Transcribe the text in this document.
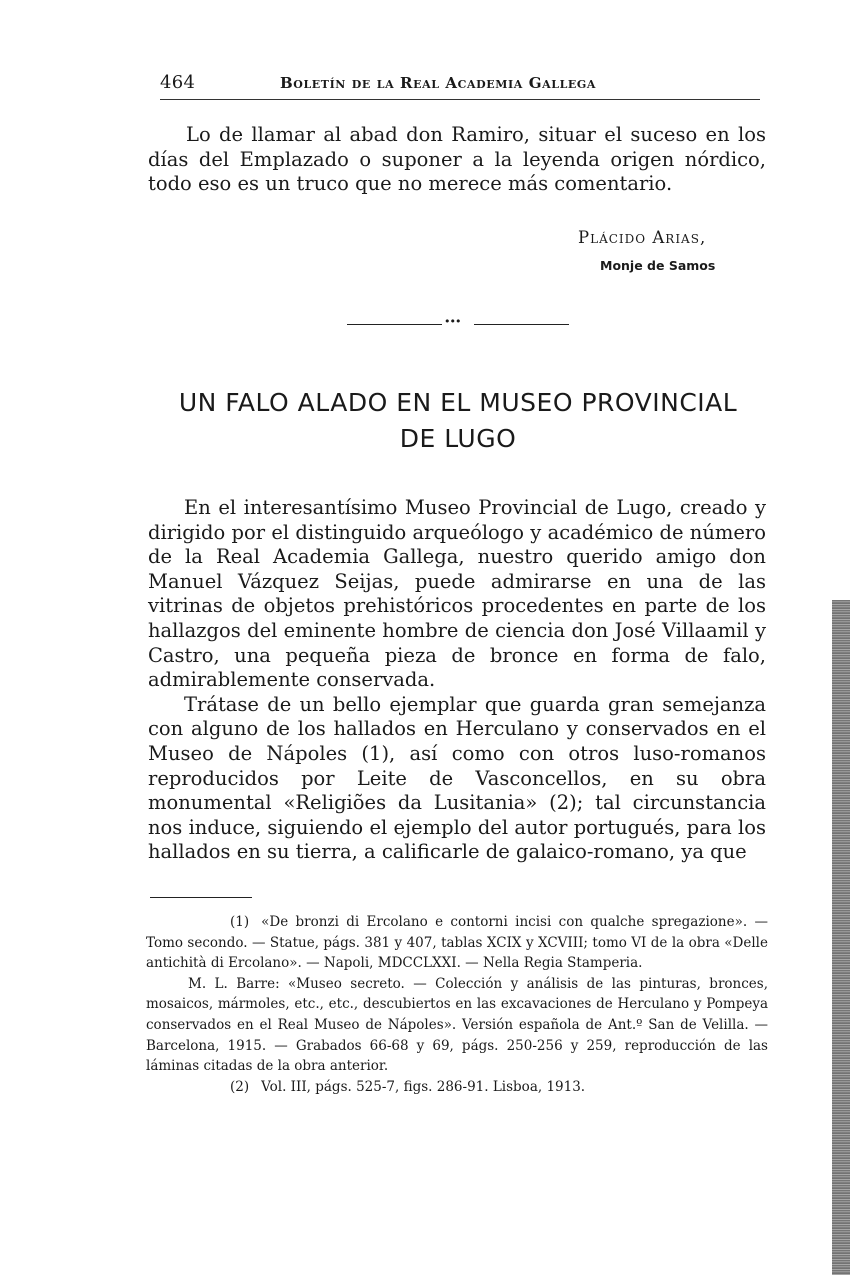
464	Boletín de la Real Academia Gallega

Lo de llamar al abad don Ramiro, situar el suceso en los días del Emplazado o suponer a la leyenda origen nórdico, todo eso es un truco que no merece más comentario.

Plácido Arias,
Monje de Samos
•••
UN FALO ALADO EN EL MUSEO PROVINCIAL
DE LUGO

En el interesantísimo Museo Provincial de Lugo, creado y dirigido por el distinguido arqueólogo y académico de número de la Real Academia Gallega, nuestro querido amigo don Manuel Vázquez Seijas, puede admirarse en una de las vitrinas de objetos prehistóricos procedentes en parte de los hallazgos del eminente hombre de ciencia don José Villaamil y Castro, una pequeña pieza de bronce en forma de falo, admirablemente conservada.

Trátase de un bello ejemplar que guarda gran semejanza con alguno de los hallados en Herculano y conservados en el Museo de Nápoles (1), así como con otros luso-romanos reproducidos por Leite de Vasconcellos, en su obra monumental «Religiões da Lusitania» (2); tal circunstancia nos induce, siguiendo el ejemplo del autor portugués, para los hallados en su tierra, a calificarle de galaico-romano, ya que

(1) «De bronzi di Ercolano e contorni incisi con qualche spregazione». — Tomo secondo. — Statue, págs. 381 y 407, tablas XCIX y XCVIII; tomo VI de la obra «Delle antichità di Ercolano». — Napoli, MDCCLXXI. — Nella Regia Stamperia.

M. L. Barre: «Museo secreto. — Colección y análisis de las pinturas, bronces, mosaicos, mármoles, etc., etc., descubiertos en las excavaciones de Herculano y Pompeya conservados en el Real Museo de Nápoles». Versión española de Ant.º San de Velilla. — Barcelona, 1915. — Grabados 66-68 y 69, págs. 250-256 y 259, reproducción de las láminas citadas de la obra anterior.

(2) Vol. III, págs. 525-7, figs. 286-91. Lisboa, 1913.
